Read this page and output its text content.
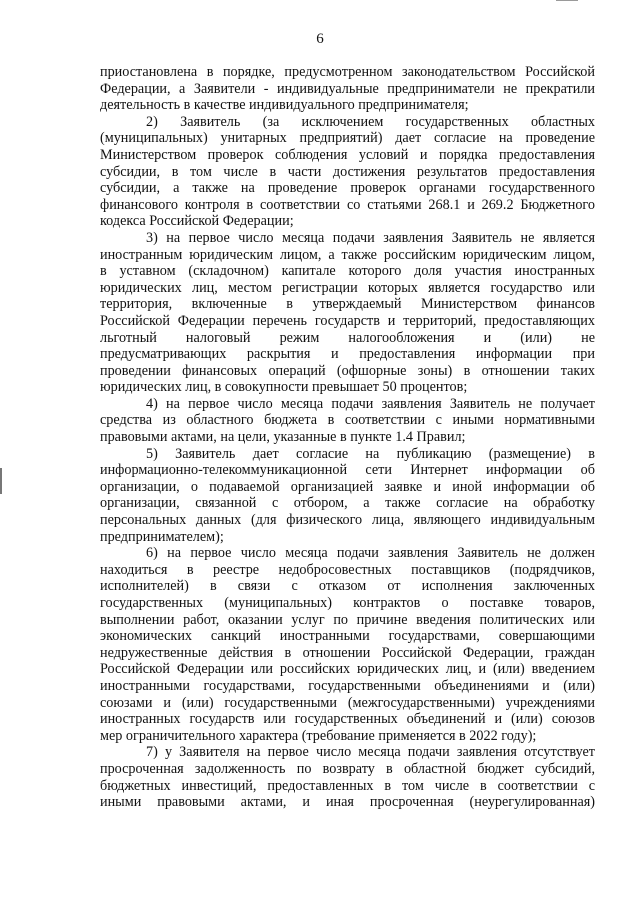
6
приостановлена в порядке, предусмотренном законодательством Российской
Федерации, а Заявители - индивидуальные предприниматели не прекратили
деятельность в качестве индивидуального предпринимателя;
2) Заявитель (за исключением государственных областных
(муниципальных) унитарных предприятий) дает согласие на проведение
Министерством проверок соблюдения условий и порядка предоставления
субсидии, в том числе в части достижения результатов предоставления
субсидии, а также на проведение проверок органами государственного
финансового контроля в соответствии со статьями 268.1 и 269.2 Бюджетного
кодекса Российской Федерации;
3) на первое число месяца подачи заявления Заявитель не является
иностранным юридическим лицом, а также российским юридическим лицом,
в уставном (складочном) капитале которого доля участия иностранных
юридических лиц, местом регистрации которых является государство или
территория, включенные в утверждаемый Министерством финансов
Российской Федерации перечень государств и территорий, предоставляющих
льготный налоговый режим налогообложения и (или) не
предусматривающих раскрытия и предоставления информации при
проведении финансовых операций (офшорные зоны) в отношении таких
юридических лиц, в совокупности превышает 50 процентов;
4) на первое число месяца подачи заявления Заявитель не получает
средства из областного бюджета в соответствии с иными нормативными
правовыми актами, на цели, указанные в пункте 1.4 Правил;
5) Заявитель дает согласие на публикацию (размещение) в
информационно-телекоммуникационной сети Интернет информации об
организации, о подаваемой организацией заявке и иной информации об
организации, связанной с отбором, а также согласие на обработку
персональных данных (для физического лица, являющего индивидуальным
предпринимателем);
6) на первое число месяца подачи заявления Заявитель не должен
находиться в реестре недобросовестных поставщиков (подрядчиков,
исполнителей) в связи с отказом от исполнения заключенных
государственных (муниципальных) контрактов о поставке товаров,
выполнении работ, оказании услуг по причине введения политических или
экономических санкций иностранными государствами, совершающими
недружественные действия в отношении Российской Федерации, граждан
Российской Федерации или российских юридических лиц, и (или) введением
иностранными государствами, государственными объединениями и (или)
союзами и (или) государственными (межгосударственными) учреждениями
иностранных государств или государственных объединений и (или) союзов
мер ограничительного характера (требование применяется в 2022 году);
7) у Заявителя на первое число месяца подачи заявления отсутствует
просроченная задолженность по возврату в областной бюджет субсидий,
бюджетных инвестиций, предоставленных в том числе в соответствии с
иными правовыми актами, и иная просроченная (неурегулированная)
